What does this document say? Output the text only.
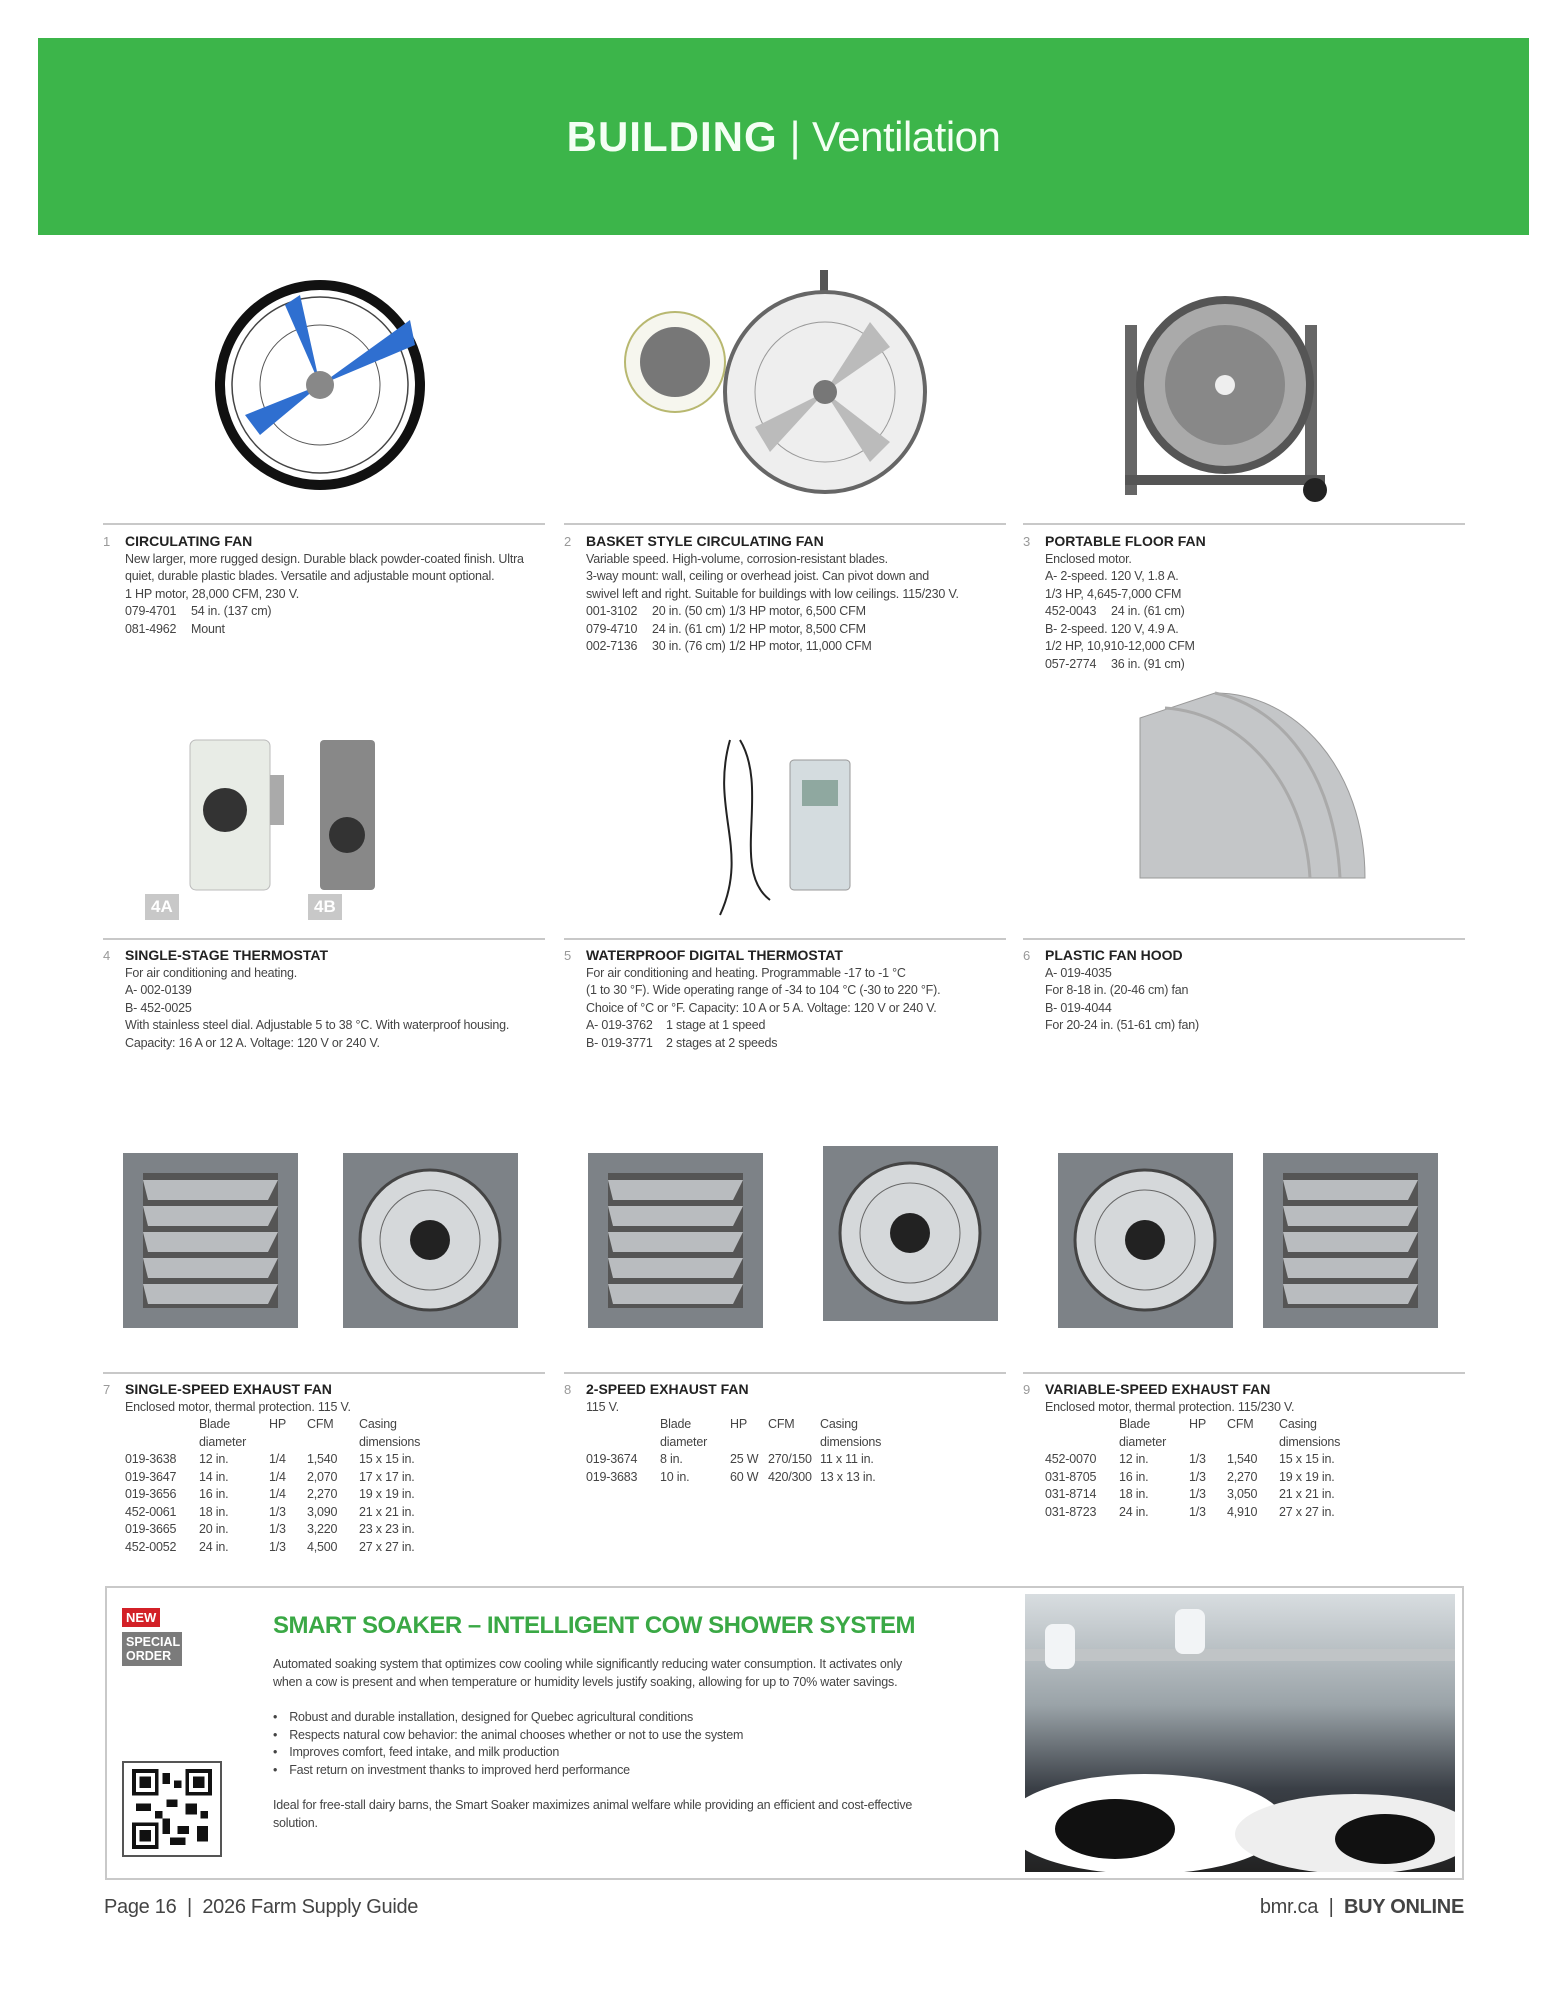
BUILDING | Ventilation
1 CIRCULATING FAN
New larger, more rugged design. Durable black powder-coated finish. Ultra
quiet, durable plastic blades. Versatile and adjustable mount optional.
1 HP motor, 28,000 CFM, 230 V.
079-4701 54 in. (137 cm)
081-4962 Mount
2 BASKET STYLE CIRCULATING FAN
Variable speed. High-volume, corrosion-resistant blades.
3-way mount: wall, ceiling or overhead joist. Can pivot down and
swivel left and right. Suitable for buildings with low ceilings. 115/230 V.
001-3102 20 in. (50 cm) 1/3 HP motor, 6,500 CFM
079-4710 24 in. (61 cm) 1/2 HP motor, 8,500 CFM
002-7136 30 in. (76 cm) 1/2 HP motor, 11,000 CFM
3 PORTABLE FLOOR FAN
Enclosed motor.
A- 2-speed. 120 V, 1.8 A.
1/3 HP, 4,645-7,000 CFM
452-0043 24 in. (61 cm)
B- 2-speed. 120 V, 4.9 A.
1/2 HP, 10,910-12,000 CFM
057-2774 36 in. (91 cm)
4A	4B
4 SINGLE-STAGE THERMOSTAT
For air conditioning and heating.
A- 002-0139
B- 452-0025
With stainless steel dial. Adjustable 5 to 38 °C. With waterproof housing.
Capacity: 16 A or 12 A. Voltage: 120 V or 240 V.
5 WATERPROOF DIGITAL THERMOSTAT
For air conditioning and heating. Programmable -17 to -1 °C
(1 to 30 °F). Wide operating range of -34 to 104 °C (-30 to 220 °F).
Choice of °C or °F. Capacity: 10 A or 5 A. Voltage: 120 V or 240 V.
A- 019-3762 1 stage at 1 speed
B- 019-3771 2 stages at 2 speeds
6 PLASTIC FAN HOOD
A- 019-4035
For 8-18 in. (20-46 cm) fan
B- 019-4044
For 20-24 in. (51-61 cm) fan)
7 SINGLE-SPEED EXHAUST FAN
Enclosed motor, thermal protection. 115 V.
	Blade diameter	HP	CFM	Casing dimensions
019-3638	12 in.	1/4	1,540	15 x 15 in.
019-3647	14 in.	1/4	2,070	17 x 17 in.
019-3656	16 in.	1/4	2,270	19 x 19 in.
452-0061	18 in.	1/3	3,090	21 x 21 in.
019-3665	20 in.	1/3	3,220	23 x 23 in.
452-0052	24 in.	1/3	4,500	27 x 27 in.
8 2-SPEED EXHAUST FAN
115 V.
	Blade diameter	HP	CFM	Casing dimensions
019-3674	8 in.	25 W	270/150	11 x 11 in.
019-3683	10 in.	60 W	420/300	13 x 13 in.
9 VARIABLE-SPEED EXHAUST FAN
Enclosed motor, thermal protection. 115/230 V.
	Blade diameter	HP	CFM	Casing dimensions
452-0070	12 in.	1/3	1,540	15 x 15 in.
031-8705	16 in.	1/3	2,270	19 x 19 in.
031-8714	18 in.	1/3	3,050	21 x 21 in.
031-8723	24 in.	1/3	4,910	27 x 27 in.
NEW
SPECIAL ORDER
SMART SOAKER – INTELLIGENT COW SHOWER SYSTEM

Automated soaking system that optimizes cow cooling while significantly reducing water consumption. It activates only when a cow is present and when temperature or humidity levels justify soaking, allowing for up to 70% water savings.

• Robust and durable installation, designed for Quebec agricultural conditions
• Respects natural cow behavior: the animal chooses whether or not to use the system
• Improves comfort, feed intake, and milk production
• Fast return on investment thanks to improved herd performance

Ideal for free-stall dairy barns, the Smart Soaker maximizes animal welfare while providing an efficient and cost-effective solution.

Page 16 | 2026 Farm Supply Guide	bmr.ca | BUY ONLINE
